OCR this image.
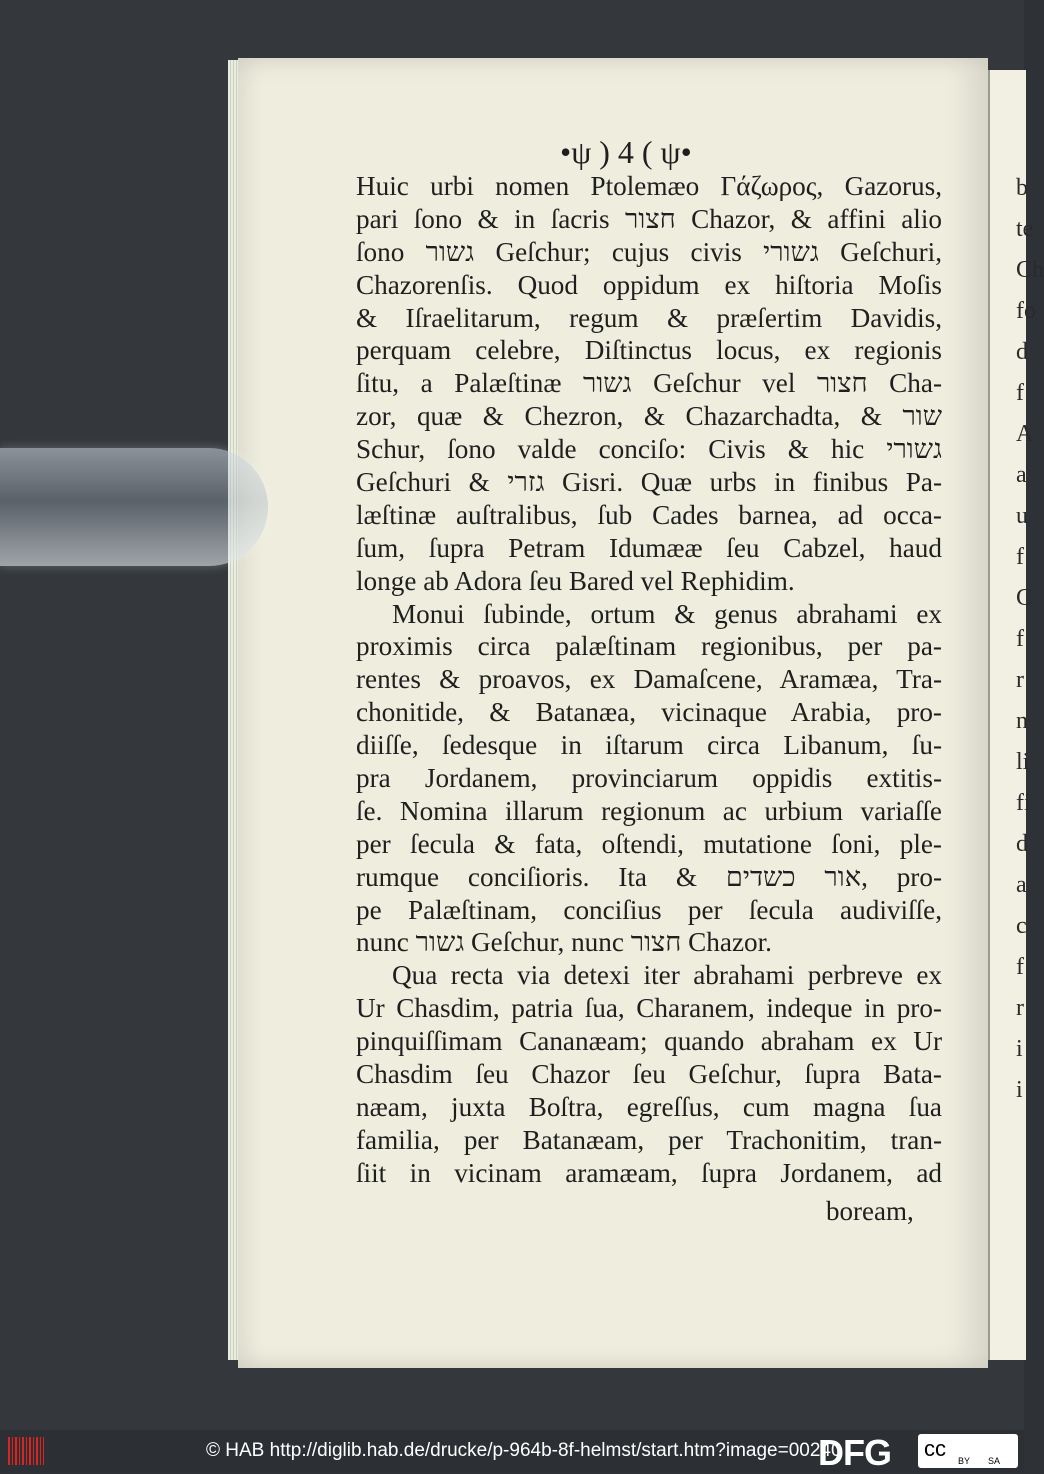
b
te
Ch
fo
d
f
A
a
u
f
C
f
r
n
li
fi
d
a
c
f
r
i
i
•ψ ) 4 ( ψ•
Huic urbi nomen Ptolemæo Γάζωρος, Gazorus,
pari ſono & in ſacris חצור Chazor, & affini alio
ſono גשור Geſchur; cujus civis גשורי Geſchuri,
Chazorenſis. Quod oppidum ex hiſtoria Moſis
& Iſraelitarum, regum & præſertim Davidis,
perquam celebre, Diſtinctus locus, ex regionis
ſitu, a Palæſtinæ גשור Geſchur vel חצור Cha-
zor, quæ & Chezron, & Chazarchadta, & שור
Schur, ſono valde conciſo: Civis & hic גשורי
Geſchuri & גזרי Gisri. Quæ urbs in finibus Pa-
læſtinæ auſtralibus, ſub Cades barnea, ad occa-
ſum, ſupra Petram Idumææ ſeu Cabzel, haud
longe ab Adora ſeu Bared vel Rephidim.
Monui ſubinde, ortum & genus abrahami ex
proximis circa palæſtinam regionibus, per pa-
rentes & proavos, ex Damaſcene, Aramæa, Tra-
chonitide, & Batanæa, vicinaque Arabia, pro-
diiſſe, ſedesque in iſtarum circa Libanum, ſu-
pra Jordanem, provinciarum oppidis extitis-
ſe. Nomina illarum regionum ac urbium variaſſe
per ſecula & fata, oſtendi, mutatione ſoni, ple-
rumque conciſioris. Ita & אור כשדים, pro-
pe Palæſtinam, conciſius per ſecula audiviſſe,
nunc גשור Geſchur, nunc חצור Chazor.
Qua recta via detexi iter abrahami perbreve ex
Ur Chasdim, patria ſua, Charanem, indeque in pro-
pinquiſſimam Cananæam; quando abraham ex Ur
Chasdim ſeu Chazor ſeu Geſchur, ſupra Bata-
næam, juxta Boſtra, egreſſus, cum magna ſua
familia, per Batanæam, per Trachonitim, tran-
ſiit in vicinam aramæam, ſupra Jordanem, ad
boream,
© HAB http://diglib.hab.de/drucke/p-964b-8f-helmst/start.htm?image=00240
DFG cc BY SA
